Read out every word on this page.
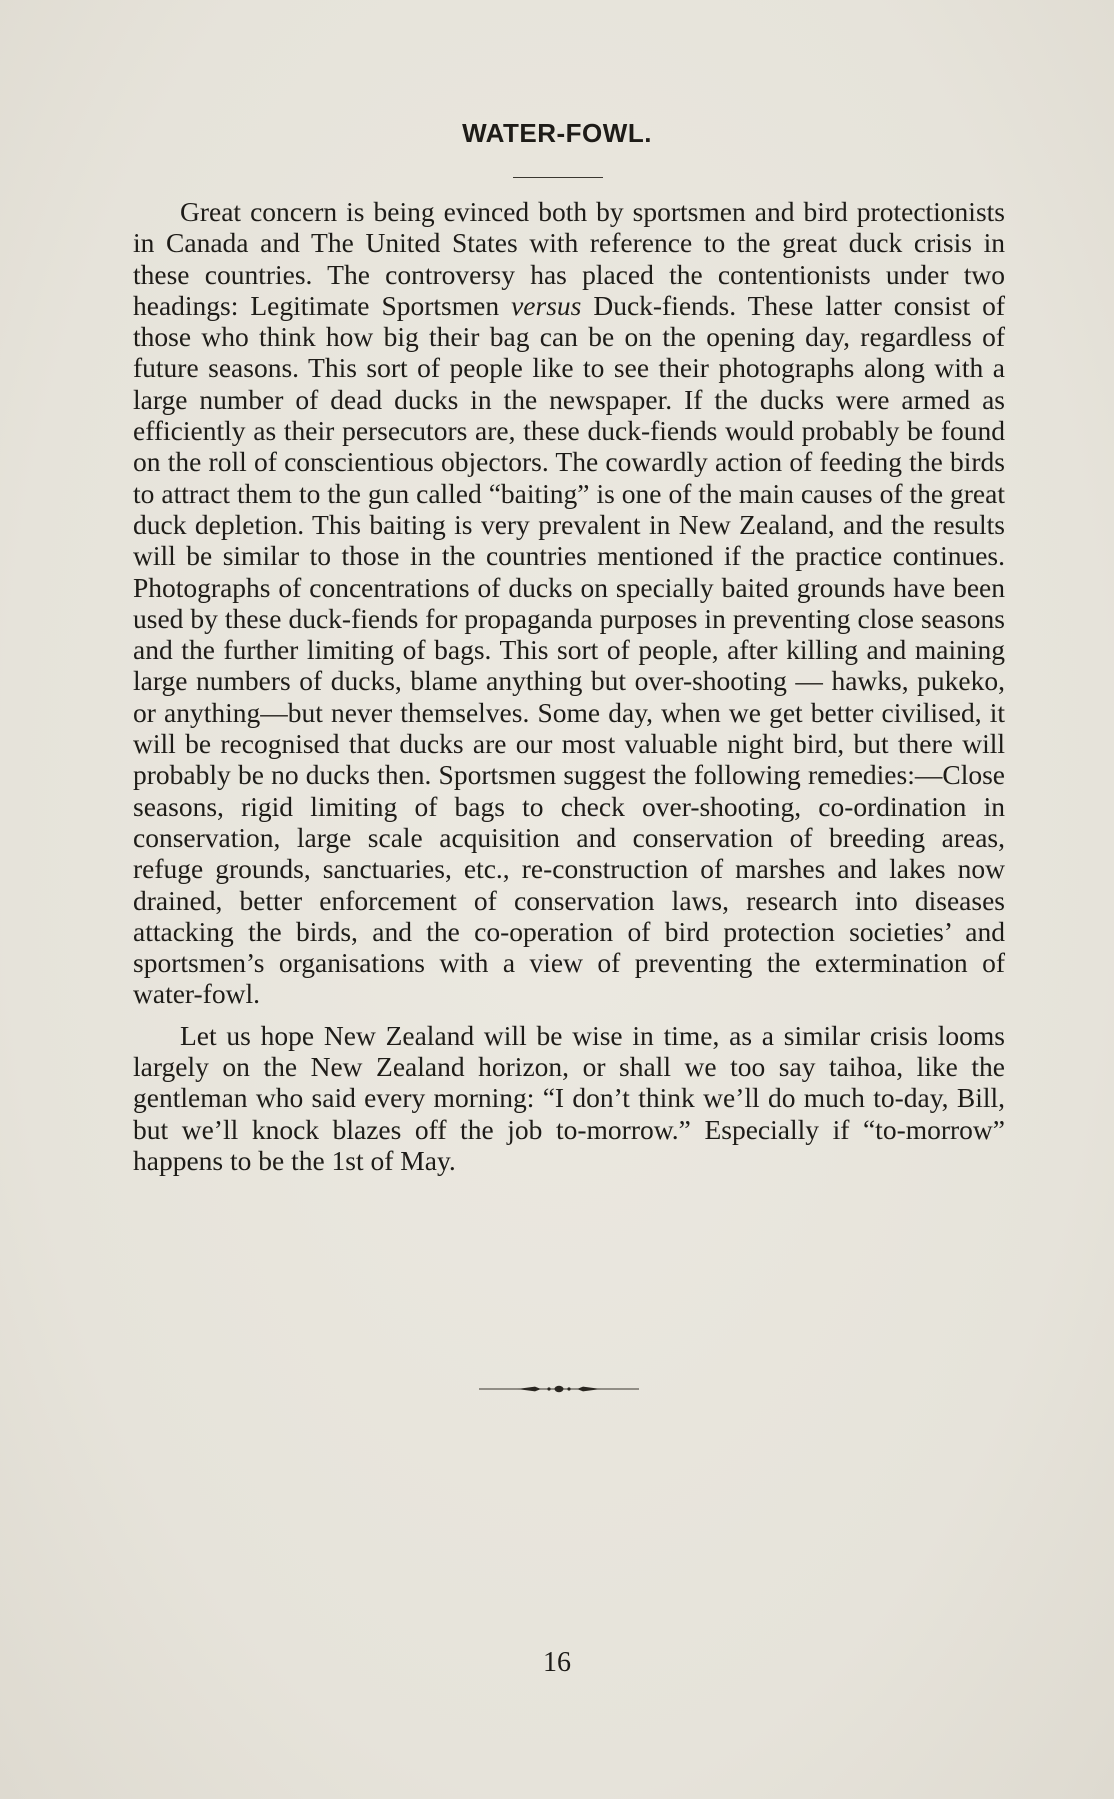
WATER-FOWL.

Great concern is being evinced both by sportsmen and bird protectionists in Canada and The United States with reference to the great duck crisis in these countries. The controversy has placed the contentionists under two headings: Legitimate Sportsmen versus Duck-fiends. These latter consist of those who think how big their bag can be on the opening day, regardless of future seasons. This sort of people like to see their photographs along with a large number of dead ducks in the newspaper. If the ducks were armed as efficiently as their persecutors are, these duck-fiends would probably be found on the roll of conscientious objectors. The cowardly action of feeding the birds to attract them to the gun called “baiting” is one of the main causes of the great duck depletion. This baiting is very prevalent in New Zealand, and the results will be similar to those in the countries mentioned if the practice continues. Photographs of concentrations of ducks on specially baited grounds have been used by these duck-fiends for propaganda purposes in preventing close seasons and the further limiting of bags. This sort of people, after killing and maining large numbers of ducks, blame anything but over-shooting — hawks, pukeko, or anything—but never themselves. Some day, when we get better civilised, it will be recognised that ducks are our most valuable night bird, but there will probably be no ducks then. Sportsmen suggest the following remedies:—Close seasons, rigid limiting of bags to check over-shooting, co-ordination in conservation, large scale acquisition and conservation of breeding areas, refuge grounds, sanctuaries, etc., re-construction of marshes and lakes now drained, better enforcement of conservation laws, research into diseases attacking the birds, and the co-operation of bird protection societies’ and sportsmen’s organisations with a view of preventing the extermination of water-fowl.

Let us hope New Zealand will be wise in time, as a similar crisis looms largely on the New Zealand horizon, or shall we too say taihoa, like the gentleman who said every morning: “I don’t think we’ll do much to-day, Bill, but we’ll knock blazes off the job to-morrow.” Especially if “to-morrow” happens to be the 1st of May.

16
